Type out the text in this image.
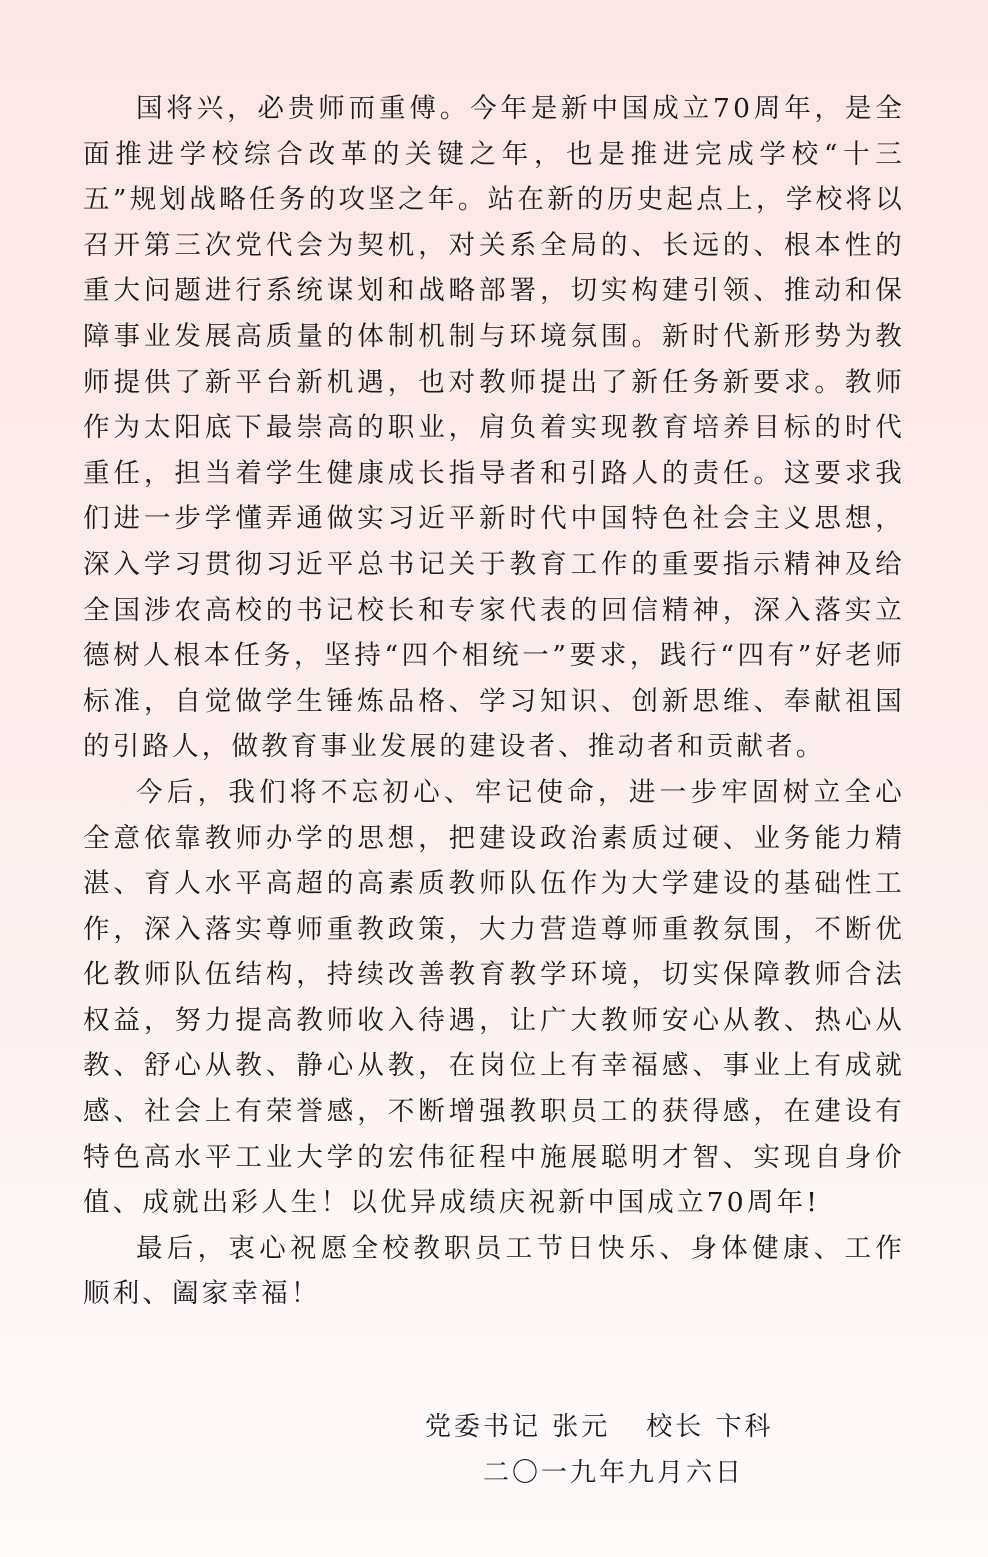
国将兴，必贵师而重傅。今年是新中国成立70周年，是全面推进学校综合改革的关键之年，也是推进完成学校“十三五”规划战略任务的攻坚之年。站在新的历史起点上，学校将以召开第三次党代会为契机，对关系全局的、长远的、根本性的重大问题进行系统谋划和战略部署，切实构建引领、推动和保障事业发展高质量的体制机制与环境氛围。新时代新形势为教师提供了新平台新机遇，也对教师提出了新任务新要求。教师作为太阳底下最崇高的职业，肩负着实现教育培养目标的时代重任，担当着学生健康成长指导者和引路人的责任。这要求我们进一步学懂弄通做实习近平新时代中国特色社会主义思想，深入学习贯彻习近平总书记关于教育工作的重要指示精神及给全国涉农高校的书记校长和专家代表的回信精神，深入落实立德树人根本任务，坚持“四个相统一”要求，践行“四有”好老师标准，自觉做学生锤炼品格、学习知识、创新思维、奉献祖国的引路人，做教育事业发展的建设者、推动者和贡献者。

今后，我们将不忘初心、牢记使命，进一步牢固树立全心全意依靠教师办学的思想，把建设政治素质过硬、业务能力精湛、育人水平高超的高素质教师队伍作为大学建设的基础性工作，深入落实尊师重教政策，大力营造尊师重教氛围，不断优化教师队伍结构，持续改善教育教学环境，切实保障教师合法权益，努力提高教师收入待遇，让广大教师安心从教、热心从教、舒心从教、静心从教，在岗位上有幸福感、事业上有成就感、社会上有荣誉感，不断增强教职员工的获得感，在建设有特色高水平工业大学的宏伟征程中施展聪明才智、实现自身价值、成就出彩人生！以优异成绩庆祝新中国成立70周年!

最后，衷心祝愿全校教职员工节日快乐、身体健康、工作顺利、阖家幸福！

党委书记 张元 校长 卞科
二〇一九年九月六日
